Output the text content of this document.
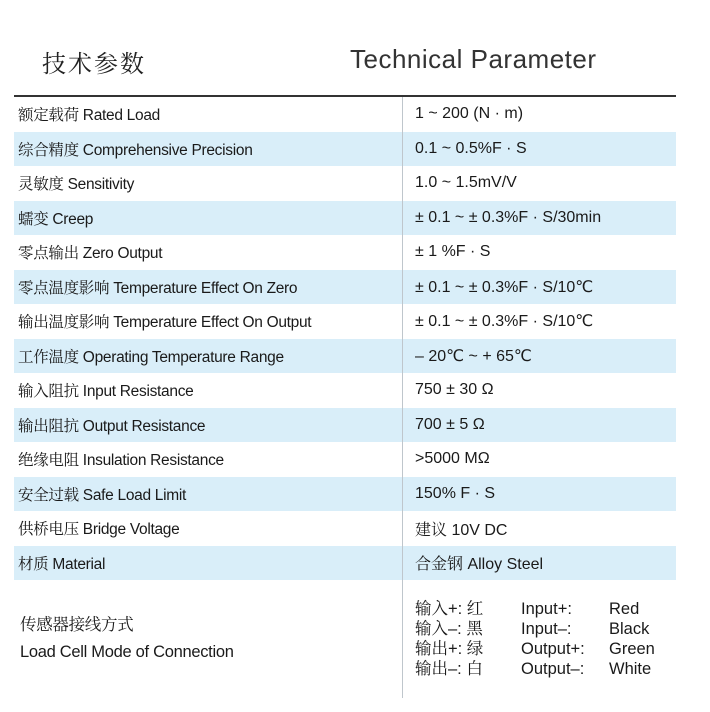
技术参数	Technical Parameter
额定载荷 Rated Load	1 ~ 200 (N · m)
综合精度 Comprehensive Precision	0.1 ~ 0.5%F · S
灵敏度 Sensitivity	1.0 ~ 1.5mV/V
蠕变 Creep	± 0.1 ~ ± 0.3%F · S/30min
零点输出 Zero Output	± 1 %F · S
零点温度影响 Temperature Effect On Zero	± 0.1 ~ ± 0.3%F · S/10℃
输出温度影响 Temperature Effect On Output	± 0.1 ~ ± 0.3%F · S/10℃
工作温度 Operating Temperature Range	– 20℃ ~ + 65℃
输入阻抗 Input Resistance	750 ± 30 Ω
输出阻抗 Output Resistance	700 ± 5 Ω
绝缘电阻 Insulation Resistance	>5000 MΩ
安全过载 Safe Load Limit	150% F · S
供桥电压 Bridge Voltage	建议 10V DC
材质 Material	合金钢 Alloy Steel
传感器接线方式
Load Cell Mode of Connection
输入+: 红	Input+:	Red
输入–: 黑	Input–:	Black
输出+: 绿	Output+:	Green
输出–: 白	Output–:	White
